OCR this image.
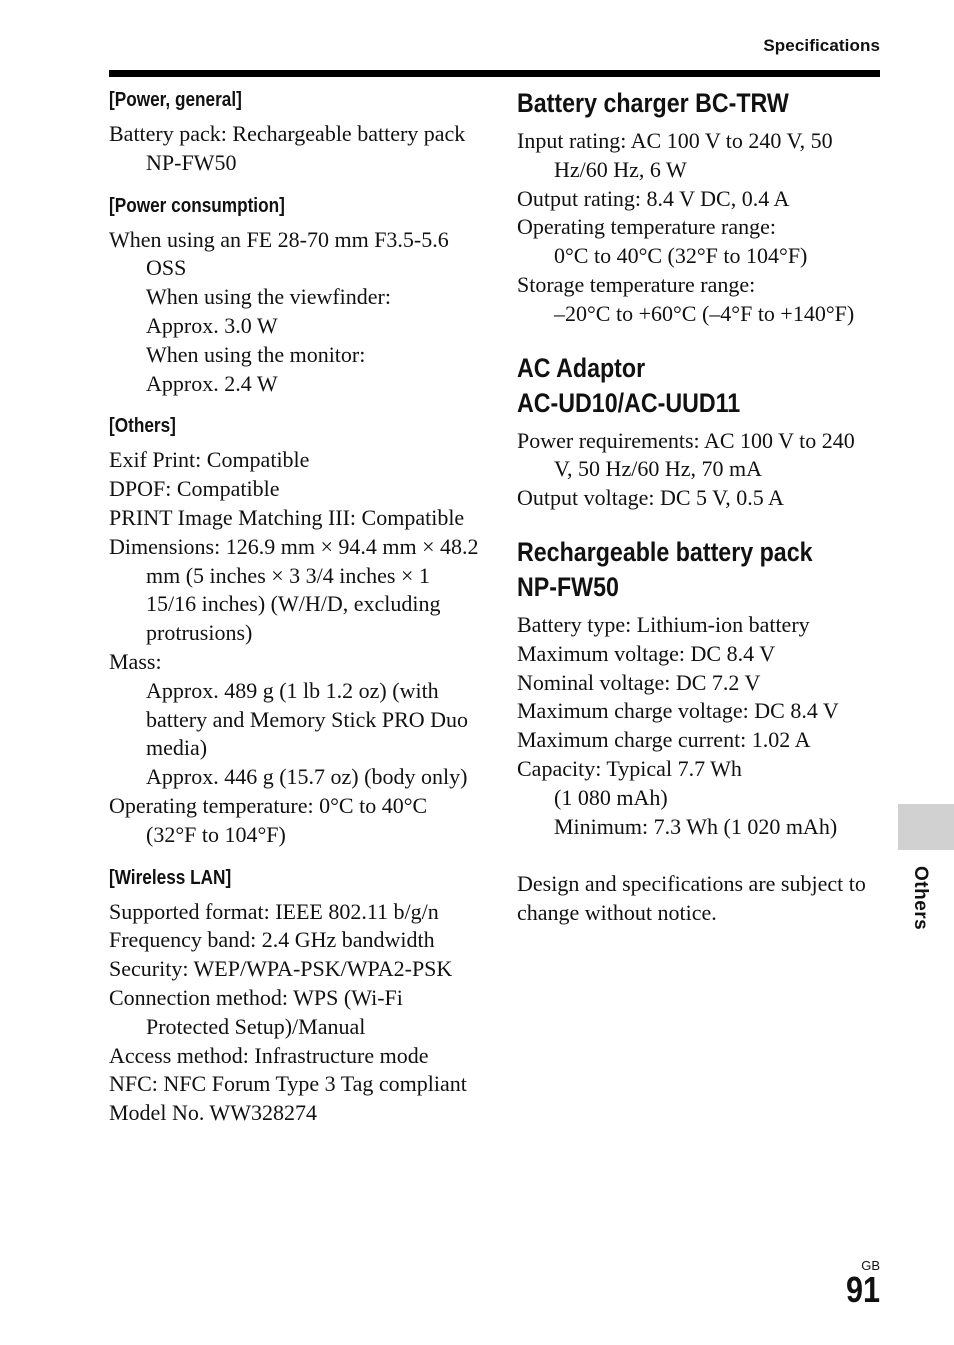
Specifications
[Power, general]
Battery pack: Rechargeable battery pack NP-FW50
[Power consumption]
When using an FE 28-70 mm F3.5-5.6 OSS
When using the viewfinder: Approx. 3.0 W
When using the monitor: Approx. 2.4 W
[Others]
Exif Print: Compatible
DPOF: Compatible
PRINT Image Matching III: Compatible
Dimensions: 126.9 mm × 94.4 mm × 48.2 mm (5 inches × 3 3/4 inches × 1 15/16 inches) (W/H/D, excluding protrusions)
Mass:
Approx. 489 g (1 lb 1.2 oz) (with battery and Memory Stick PRO Duo media)
Approx. 446 g (15.7 oz) (body only)
Operating temperature: 0°C to 40°C (32°F to 104°F)
[Wireless LAN]
Supported format: IEEE 802.11 b/g/n
Frequency band: 2.4 GHz bandwidth
Security: WEP/WPA-PSK/WPA2-PSK
Connection method: WPS (Wi-Fi Protected Setup)/Manual
Access method: Infrastructure mode
NFC: NFC Forum Type 3 Tag compliant
Model No. WW328274
Battery charger BC-TRW
Input rating: AC 100 V to 240 V, 50 Hz/60 Hz, 6 W
Output rating: 8.4 V DC, 0.4 A
Operating temperature range:
0°C to 40°C (32°F to 104°F)
Storage temperature range:
–20°C to +60°C (–4°F to +140°F)
AC Adaptor
AC-UD10/AC-UUD11
Power requirements: AC 100 V to 240 V, 50 Hz/60 Hz, 70 mA
Output voltage: DC 5 V, 0.5 A
Rechargeable battery pack
NP-FW50
Battery type: Lithium-ion battery
Maximum voltage: DC 8.4 V
Nominal voltage: DC 7.2 V
Maximum charge voltage: DC 8.4 V
Maximum charge current: 1.02 A
Capacity: Typical 7.7 Wh (1 080 mAh)
Minimum: 7.3 Wh (1 020 mAh)
Design and specifications are subject to change without notice.	Others
GB
91
